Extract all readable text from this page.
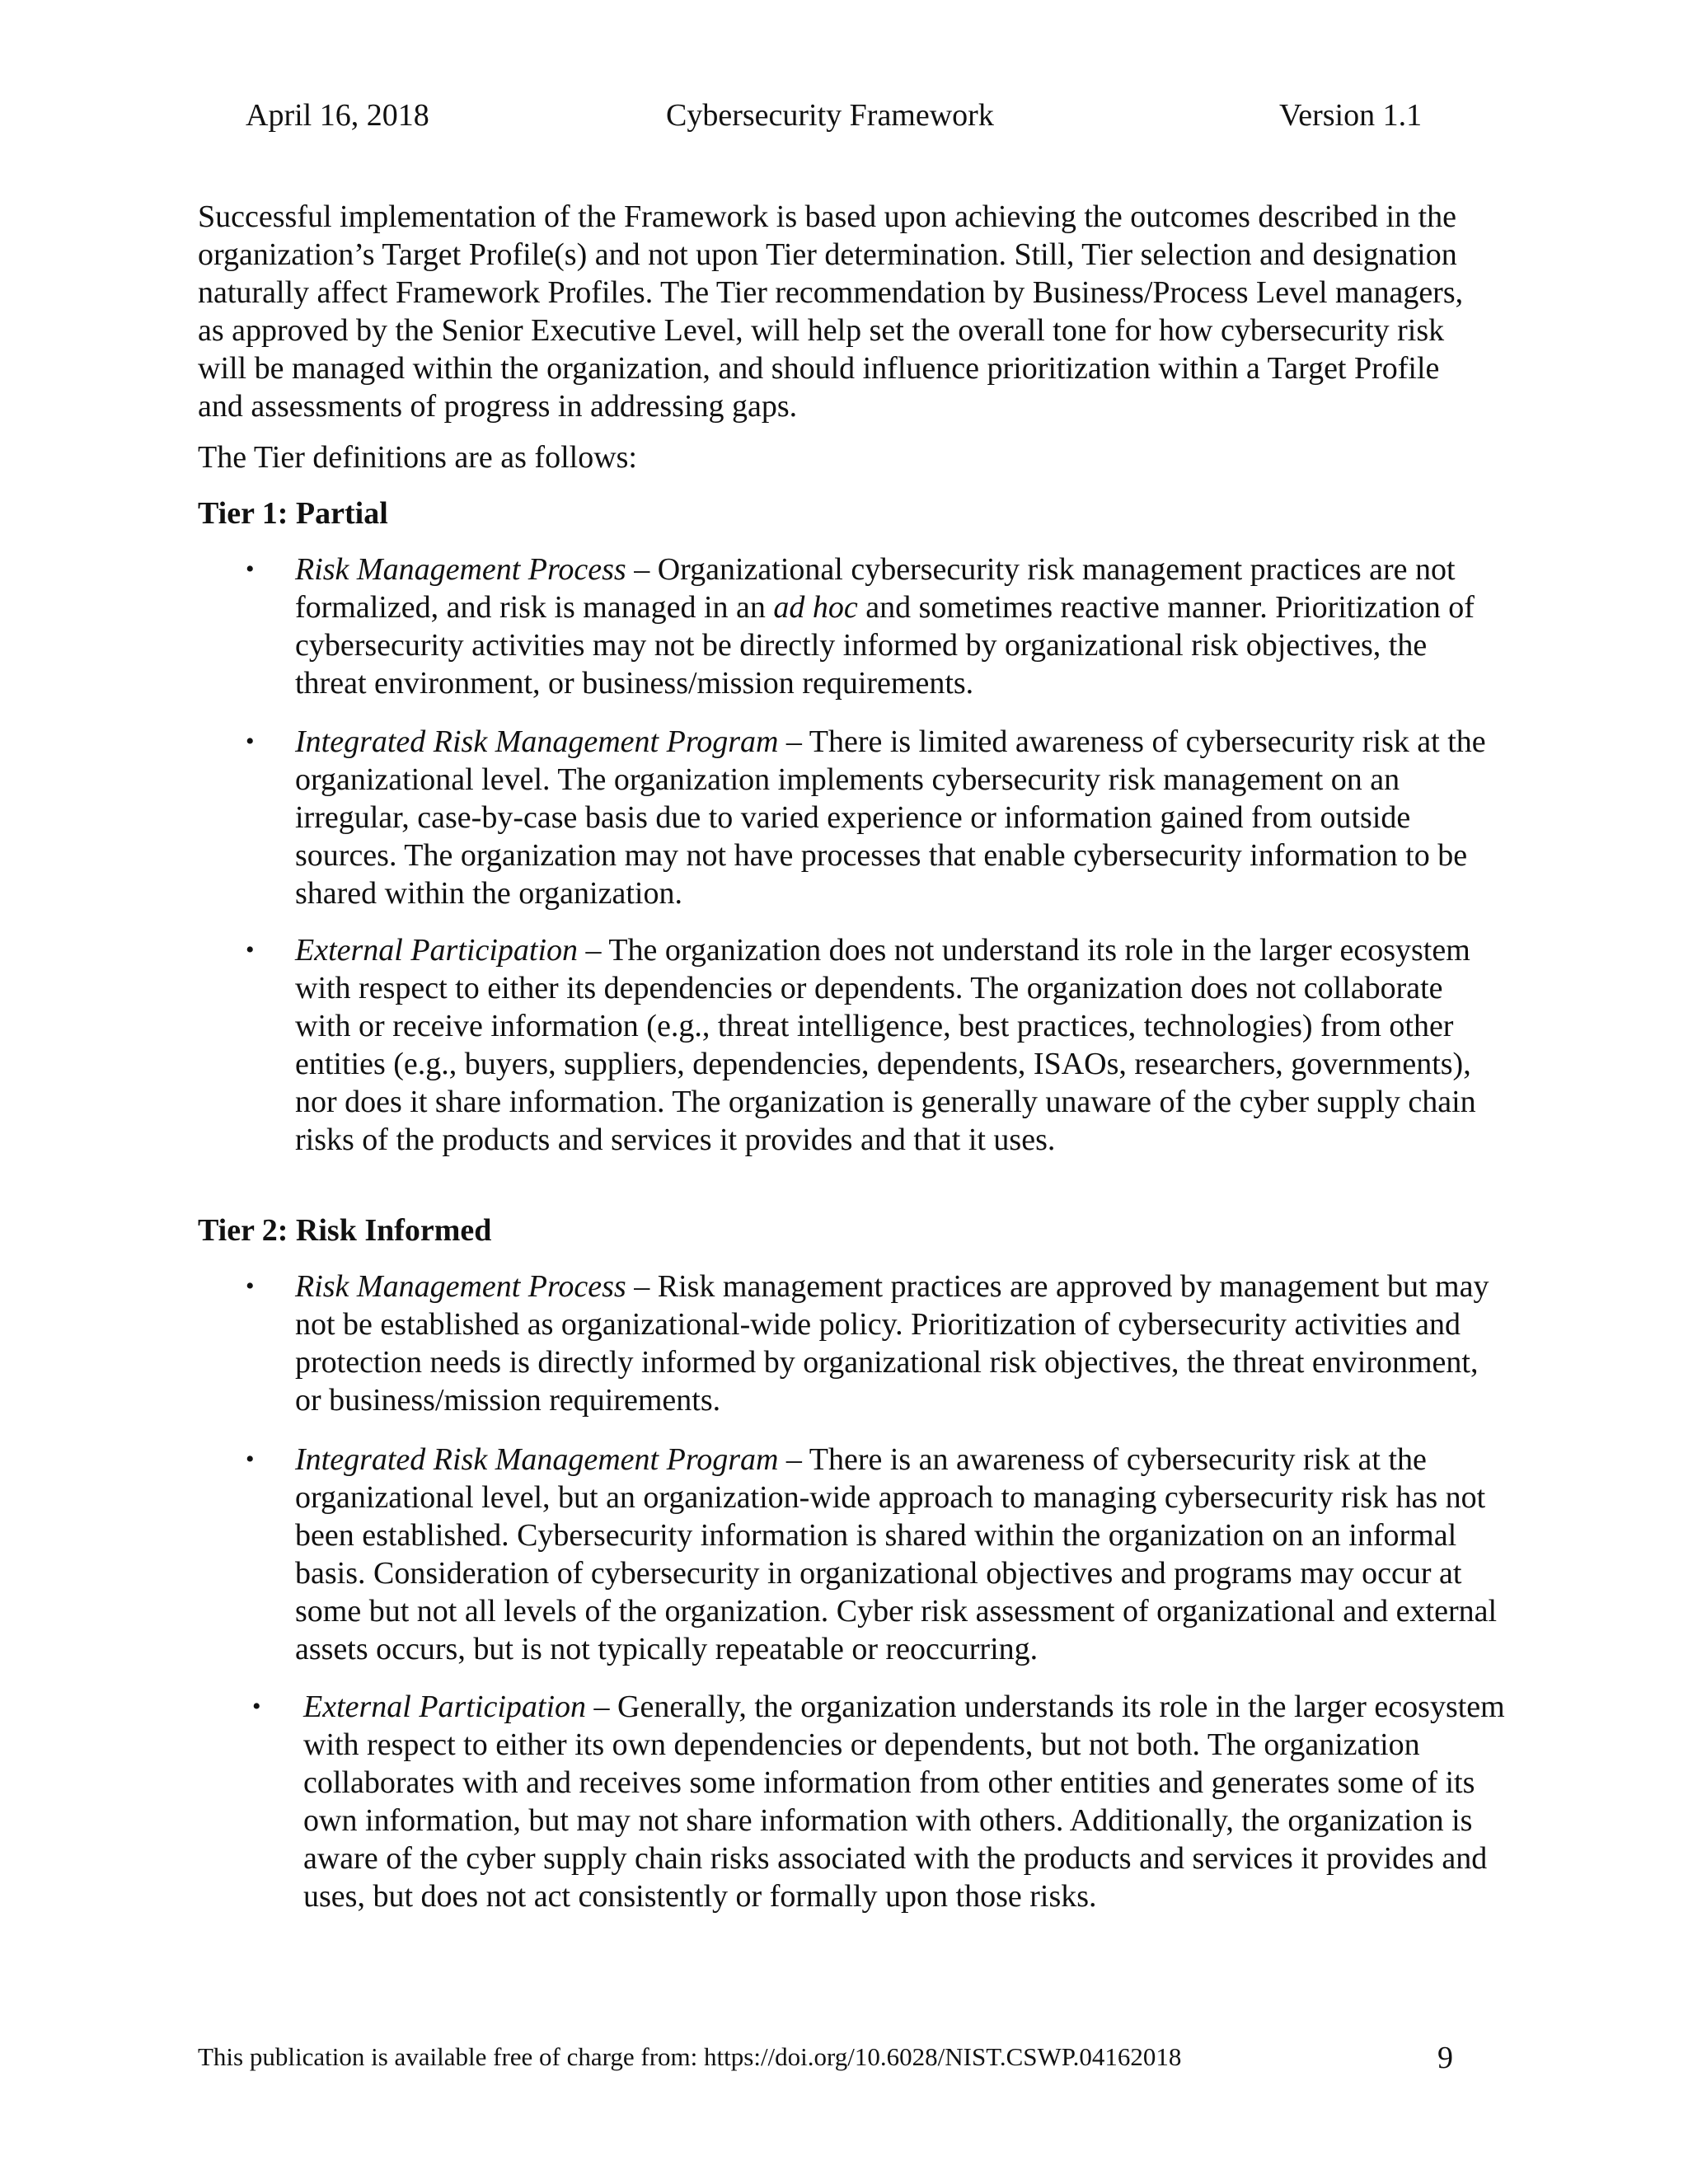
April 16, 2018	Cybersecurity Framework	Version 1.1

Successful implementation of the Framework is based upon achieving the outcomes described in the organization’s Target Profile(s) and not upon Tier determination. Still, Tier selection and designation naturally affect Framework Profiles. The Tier recommendation by Business/Process Level managers, as approved by the Senior Executive Level, will help set the overall tone for how cybersecurity risk will be managed within the organization, and should influence prioritization within a Target Profile and assessments of progress in addressing gaps.

The Tier definitions are as follows:

Tier 1: Partial

•	Risk Management Process – Organizational cybersecurity risk management practices are not formalized, and risk is managed in an ad hoc and sometimes reactive manner. Prioritization of cybersecurity activities may not be directly informed by organizational risk objectives, the threat environment, or business/mission requirements.
•	Integrated Risk Management Program – There is limited awareness of cybersecurity risk at the organizational level. The organization implements cybersecurity risk management on an irregular, case-by-case basis due to varied experience or information gained from outside sources. The organization may not have processes that enable cybersecurity information to be shared within the organization.
•	External Participation – The organization does not understand its role in the larger ecosystem with respect to either its dependencies or dependents. The organization does not collaborate with or receive information (e.g., threat intelligence, best practices, technologies) from other entities (e.g., buyers, suppliers, dependencies, dependents, ISAOs, researchers, governments), nor does it share information. The organization is generally unaware of the cyber supply chain risks of the products and services it provides and that it uses.

Tier 2: Risk Informed

•	Risk Management Process – Risk management practices are approved by management but may not be established as organizational-wide policy. Prioritization of cybersecurity activities and protection needs is directly informed by organizational risk objectives, the threat environment, or business/mission requirements.
•	Integrated Risk Management Program – There is an awareness of cybersecurity risk at the organizational level, but an organization-wide approach to managing cybersecurity risk has not been established. Cybersecurity information is shared within the organization on an informal basis. Consideration of cybersecurity in organizational objectives and programs may occur at some but not all levels of the organization. Cyber risk assessment of organizational and external assets occurs, but is not typically repeatable or reoccurring.
•	External Participation – Generally, the organization understands its role in the larger ecosystem with respect to either its own dependencies or dependents, but not both. The organization collaborates with and receives some information from other entities and generates some of its own information, but may not share information with others. Additionally, the organization is aware of the cyber supply chain risks associated with the products and services it provides and uses, but does not act consistently or formally upon those risks.
This publication is available free of charge from: https://doi.org/10.6028/NIST.CSWP.04162018	9
